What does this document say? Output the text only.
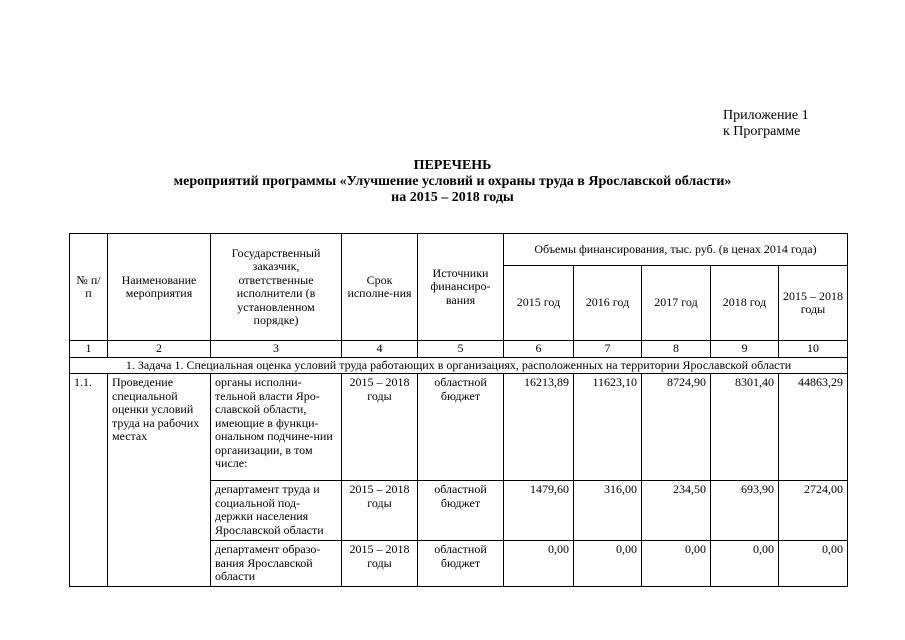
Приложение 1
к Программе
ПЕРЕЧЕНЬ
мероприятий программы «Улучшение условий и охраны труда в Ярославской области»
на 2015 – 2018 годы
№ п/п	Наименование мероприятия	Государственный заказчик, ответственные исполнители (в установленном порядке)	Срок исполне-ния	Источники финансиро-вания	Объемы финансирования, тыс. руб. (в ценах 2014 года)				
					2015 год	2016 год	2017 год	2018 год	2015 – 2018 годы
1	2	3	4	5	6	7	8	9	10
1. Задача 1. Специальная оценка условий труда работающих в организациях, расположенных на территории Ярославской области									
1.1.	Проведение специальной оценки условий труда на рабочих местах	органы исполни-тельной власти Яро-славской области, имеющие в функци-ональном подчине-нии организации, в том числе:	2015 – 2018 годы	областной бюджет	16213,89	11623,10	8724,90	8301,40	44863,29
		департамент труда и социальной под-держки населения Ярославской области	2015 – 2018 годы	областной бюджет	1479,60	316,00	234,50	693,90	2724,00
		департамент образо-вания Ярославской области	2015 – 2018 годы	областной бюджет	0,00	0,00	0,00	0,00	0,00
